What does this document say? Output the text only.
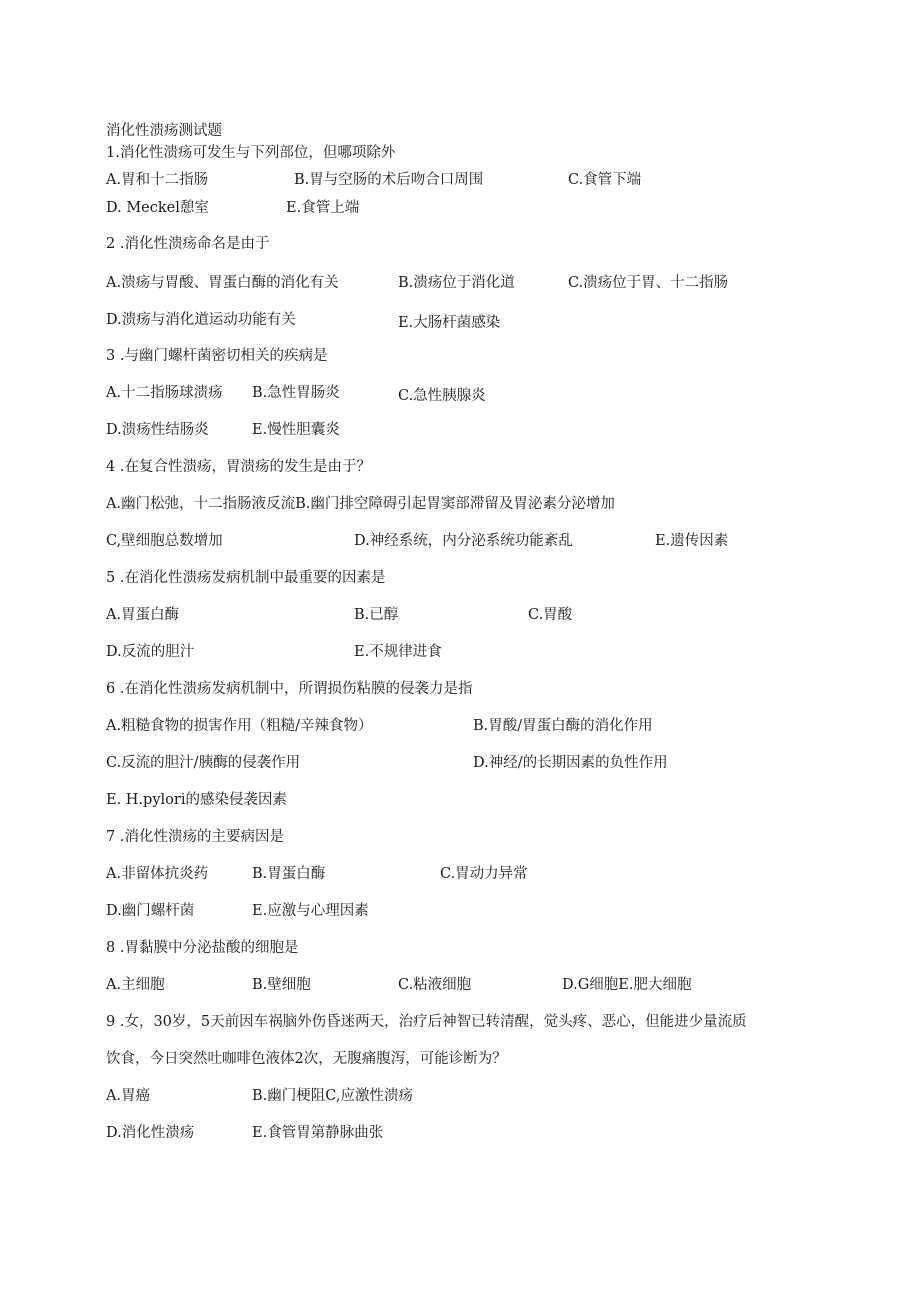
消化性溃疡测试题
1.消化性溃疡可发生与下列部位，但哪项除外
A.胃和十二指肠	B.胃与空肠的术后吻合口周围	C.食管下端
D. Meckel憩室	E.食管上端
2 .消化性溃疡命名是由于
A.溃疡与胃酸、胃蛋白酶的消化有关	B.溃疡位于消化道	C.溃疡位于胃、十二指肠
D.溃疡与消化道运动功能有关	E.大肠杆菌感染
3 .与幽门螺杆菌密切相关的疾病是
A.十二指肠球溃疡 B.急性胃肠炎	C.急性胰腺炎
D.溃疡性结肠炎	E.慢性胆囊炎
4 .在复合性溃疡，胃溃疡的发生是由于？
A.幽门松弛，十二指肠液反流B.幽门排空障碍引起胃窦部滞留及胃泌素分泌增加
C,壁细胞总数增加	D.神经系统，内分泌系统功能紊乱	E.遗传因素
5 .在消化性溃疡发病机制中最重要的因素是
A.胃蛋白酶	B.已醇	C.胃酸
D.反流的胆汁	E.不规律进食
6 .在消化性溃疡发病机制中，所谓损伤粘膜的侵袭力是指
A.粗糙食物的损害作用（粗糙/辛辣食物）	B.胃酸/胃蛋白酶的消化作用
C.反流的胆汁/胰酶的侵袭作用	D.神经/的长期因素的负性作用
E. H.pylori的感染侵袭因素
7 .消化性溃疡的主要病因是
A.非留体抗炎药	B.胃蛋白酶	C.胃动力异常
D.幽门螺杆菌	E.应激与心理因素
8 .胃黏膜中分泌盐酸的细胞是
A.主细胞	B.壁细胞	C.粘液细胞	D.G细胞E.肥大细胞
9 .女，30岁，5天前因车祸脑外伤昏迷两天，治疗后神智已转清醒，觉头疼、恶心，但能进少量流质
饮食，今日突然吐咖啡色液体2次，无腹痛腹泻，可能诊断为？
A.胃癌	B.幽门梗阻C,应激性溃疡
D.消化性溃疡	E.食管胃第静脉曲张
